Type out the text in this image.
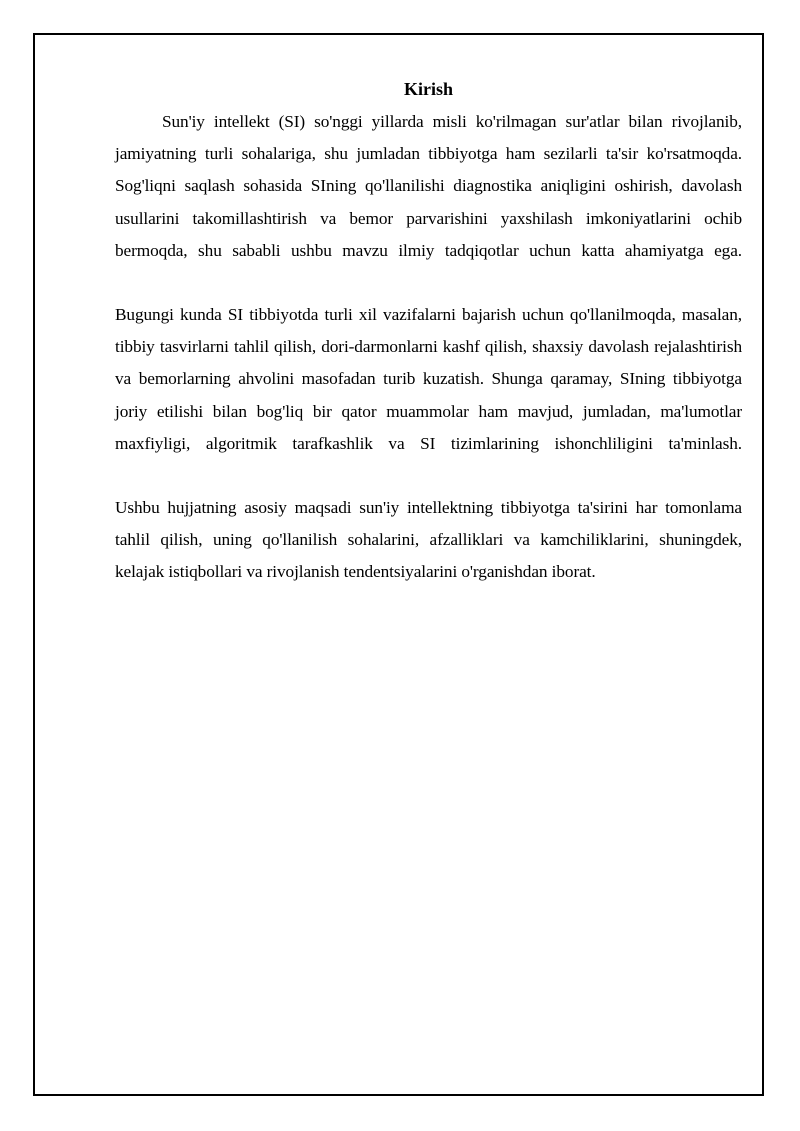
Kirish

Sun'iy intellekt (SI) so'nggi yillarda misli ko'rilmagan sur'atlar bilan rivojlanib, jamiyatning turli sohalariga, shu jumladan tibbiyotga ham sezilarli ta'sir ko'rsatmoqda. Sog'liqni saqlash sohasida SIning qo'llanilishi diagnostika aniqligini oshirish, davolash usullarini takomillashtirish va bemor parvarishini yaxshilash imkoniyatlarini ochib bermoqda, shu sababli ushbu mavzu ilmiy tadqiqotlar uchun katta ahamiyatga ega.

Bugungi kunda SI tibbiyotda turli xil vazifalarni bajarish uchun qo'llanilmoqda, masalan, tibbiy tasvirlarni tahlil qilish, dori-darmonlarni kashf qilish, shaxsiy davolash rejalashtirish va bemorlarning ahvolini masofadan turib kuzatish. Shunga qaramay, SIning tibbiyotga joriy etilishi bilan bog'liq bir qator muammolar ham mavjud, jumladan, ma'lumotlar maxfiyligi, algoritmik tarafkashlik va SI tizimlarining ishonchliligini ta'minlash.

Ushbu hujjatning asosiy maqsadi sun'iy intellektning tibbiyotga ta'sirini har tomonlama tahlil qilish, uning qo'llanilish sohalarini, afzalliklari va kamchiliklarini, shuningdek, kelajak istiqbollari va rivojlanish tendentsiyalarini o'rganishdan iborat.
